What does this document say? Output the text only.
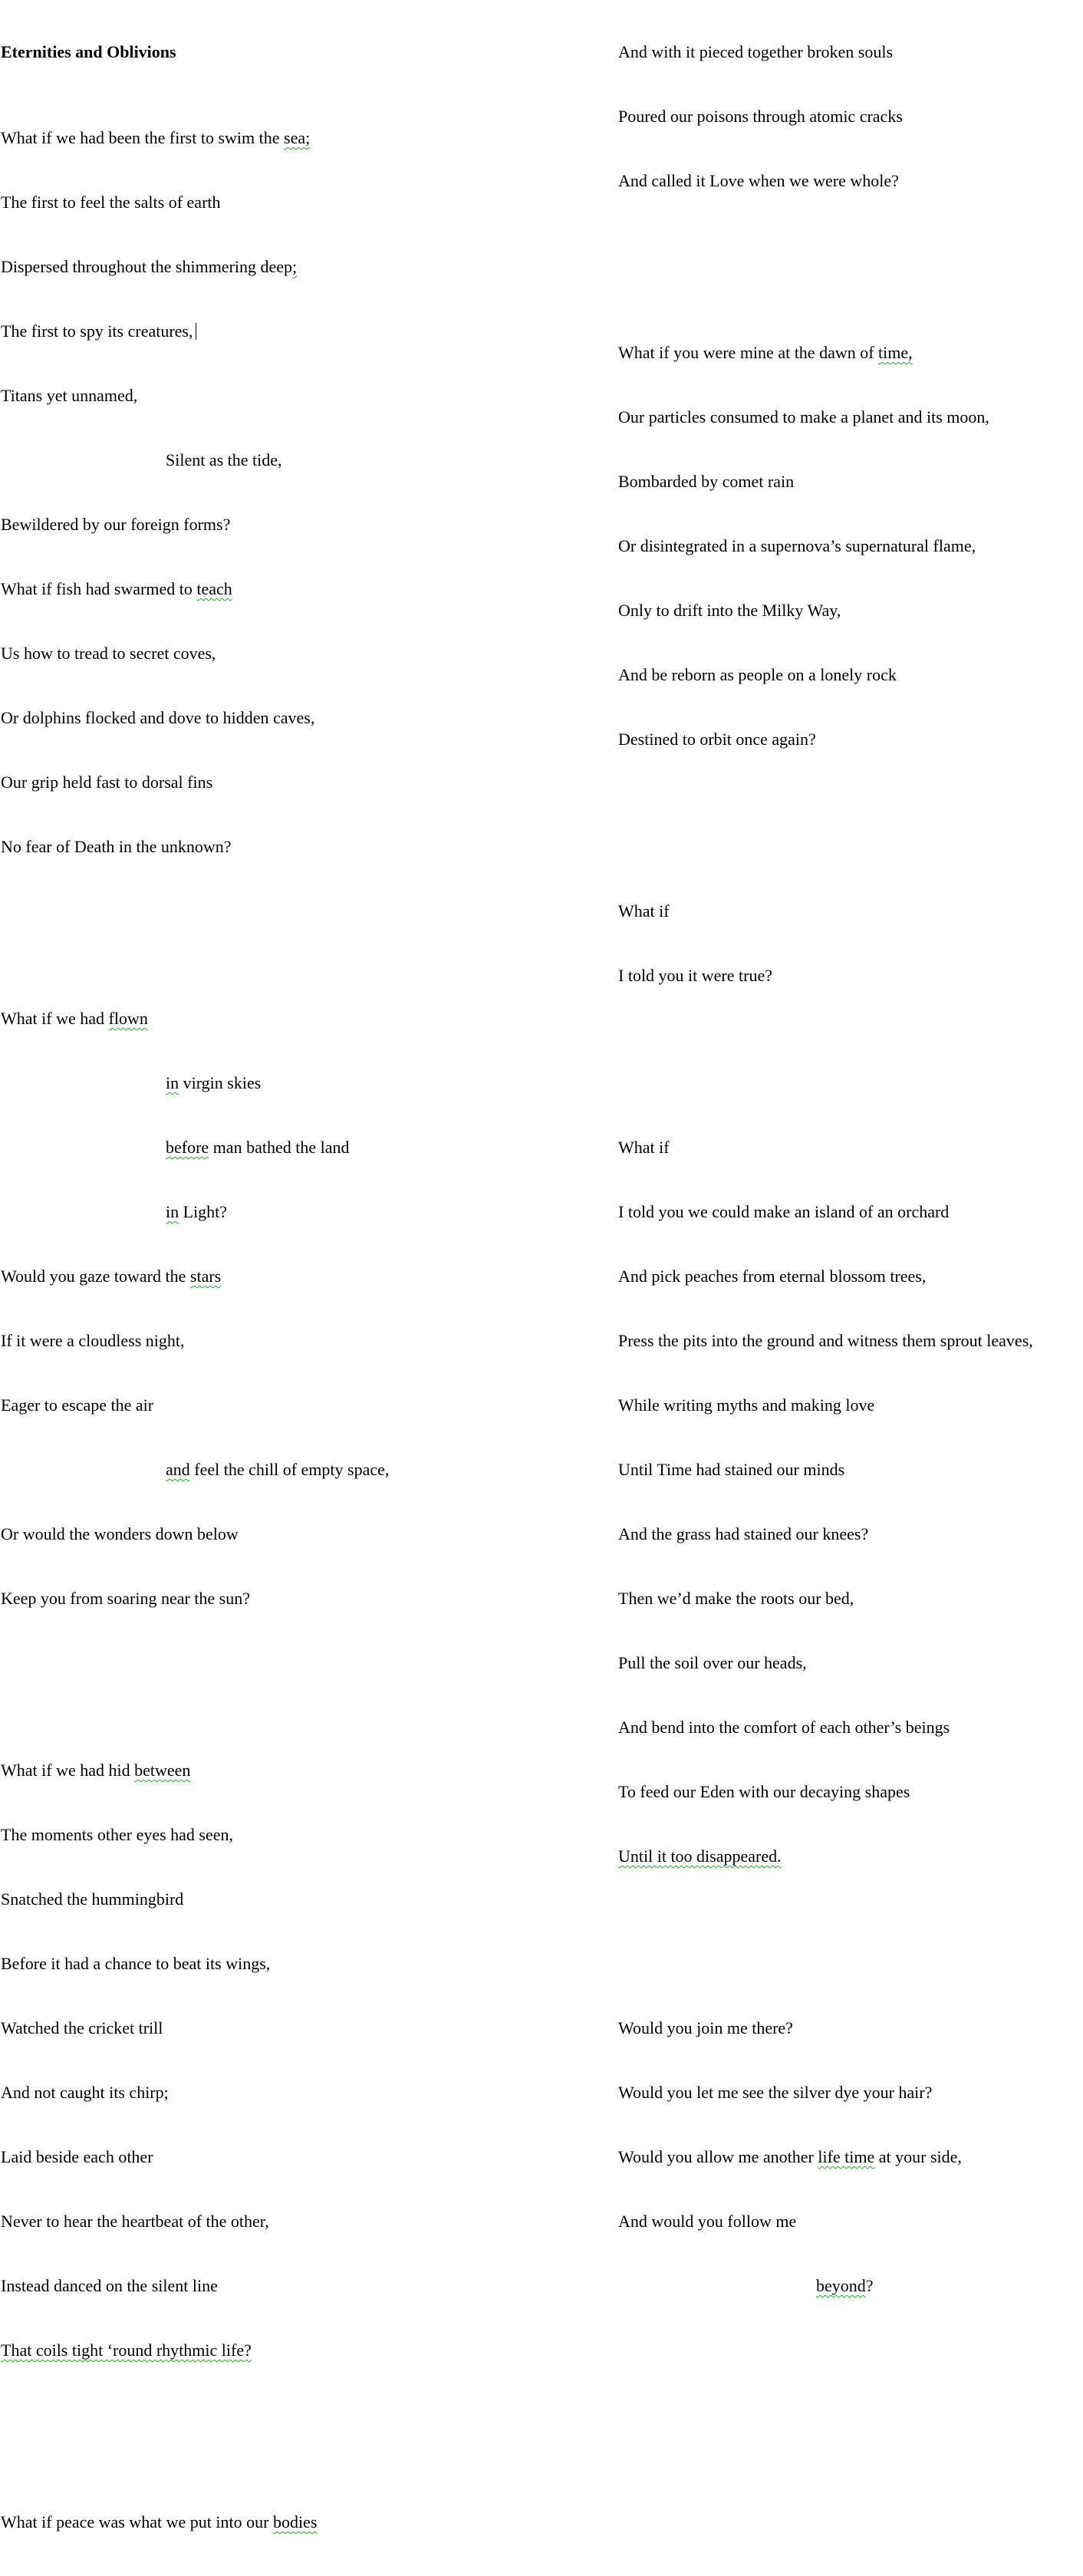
Eternities and Oblivions

What if we had been the first to swim the sea;

The first to feel the salts of earth

Dispersed throughout the shimmering deep;

The first to spy its creatures,

Titans yet unnamed,

Silent as the tide,

Bewildered by our foreign forms?

What if fish had swarmed to teach

Us how to tread to secret coves,

Or dolphins flocked and dove to hidden caves,

Our grip held fast to dorsal fins

No fear of Death in the unknown?

What if we had flown

in virgin skies

before man bathed the land

in Light?

Would you gaze toward the stars

If it were a cloudless night,

Eager to escape the air

and feel the chill of empty space,

Or would the wonders down below

Keep you from soaring near the sun?

What if we had hid between

The moments other eyes had seen,

Snatched the hummingbird

Before it had a chance to beat its wings,

Watched the cricket trill

And not caught its chirp;

Laid beside each other

Never to hear the heartbeat of the other,

Instead danced on the silent line

That coils tight ‘round rhythmic life?

What if peace was what we put into our bodies

And with it pieced together broken souls

Poured our poisons through atomic cracks

And called it Love when we were whole?

What if you were mine at the dawn of time,

Our particles consumed to make a planet and its moon,

Bombarded by comet rain

Or disintegrated in a supernova’s supernatural flame,

Only to drift into the Milky Way,

And be reborn as people on a lonely rock

Destined to orbit once again?

What if

I told you it were true?

What if

I told you we could make an island of an orchard

And pick peaches from eternal blossom trees,

Press the pits into the ground and witness them sprout leaves,

While writing myths and making love

Until Time had stained our minds

And the grass had stained our knees?

Then we’d make the roots our bed,

Pull the soil over our heads,

And bend into the comfort of each other’s beings

To feed our Eden with our decaying shapes

Until it too disappeared.

Would you join me there?

Would you let me see the silver dye your hair?

Would you allow me another life time at your side,

And would you follow me

beyond?
